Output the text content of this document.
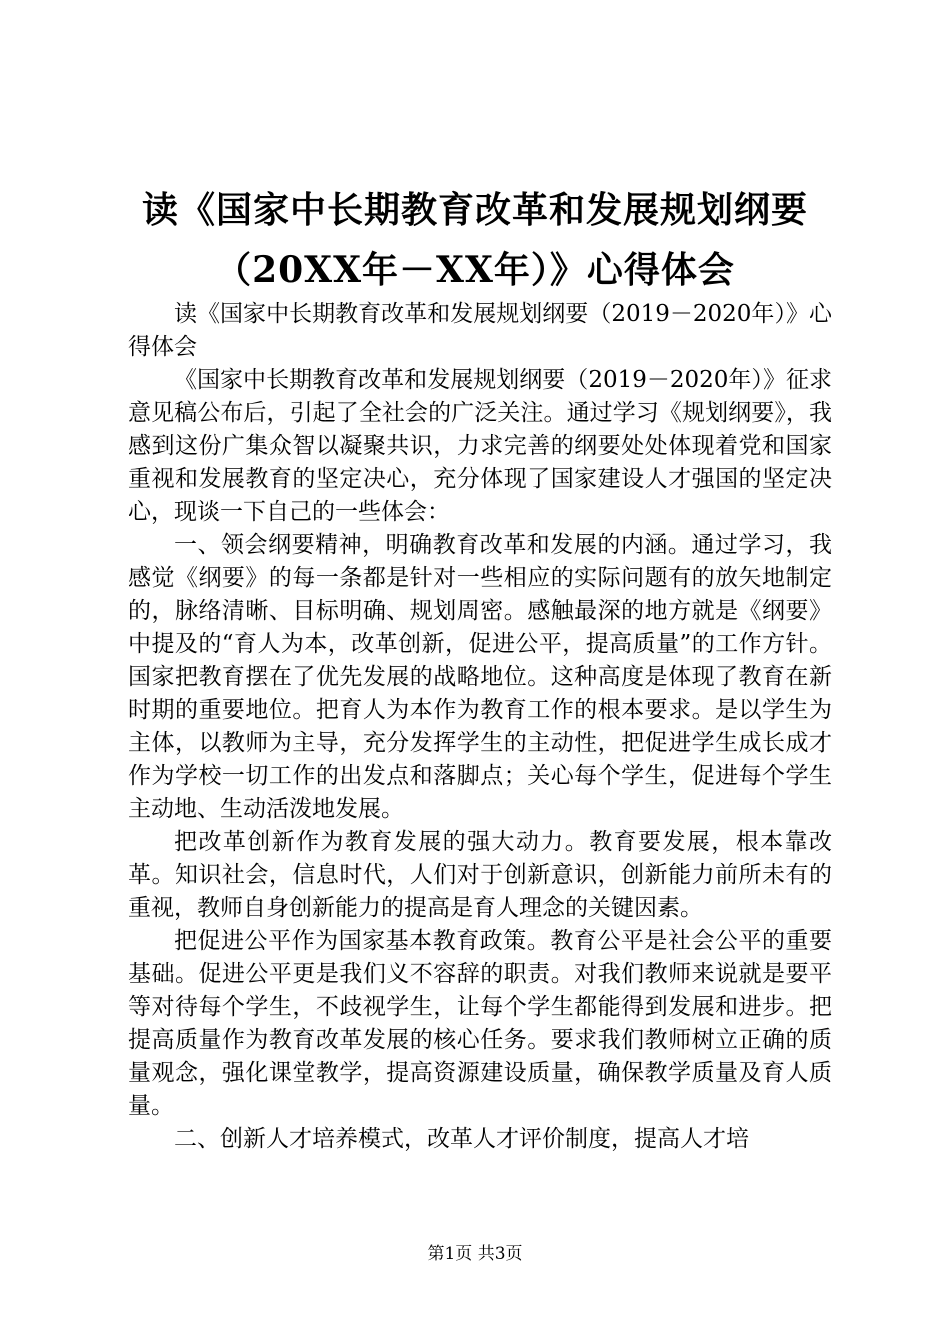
读《国家中长期教育改革和发展规划纲要
（20XX年－XX年）》心得体会

读《国家中长期教育改革和发展规划纲要（2019－2020年）》心得体会

《国家中长期教育改革和发展规划纲要（2019－2020年）》征求意见稿公布后，引起了全社会的广泛关注。通过学习《规划纲要》，我感到这份广集众智以凝聚共识，力求完善的纲要处处体现着党和国家重视和发展教育的坚定决心，充分体现了国家建设人才强国的坚定决心，现谈一下自己的一些体会：

一、领会纲要精神，明确教育改革和发展的内涵。通过学习，我感觉《纲要》的每一条都是针对一些相应的实际问题有的放矢地制定的，脉络清晰、目标明确、规划周密。感触最深的地方就是《纲要》中提及的“育人为本，改革创新，促进公平，提高质量”的工作方针。国家把教育摆在了优先发展的战略地位。这种高度是体现了教育在新时期的重要地位。把育人为本作为教育工作的根本要求。是以学生为主体，以教师为主导，充分发挥学生的主动性，把促进学生成长成才作为学校一切工作的出发点和落脚点；关心每个学生，促进每个学生主动地、生动活泼地发展。

把改革创新作为教育发展的强大动力。教育要发展，根本靠改革。知识社会，信息时代，人们对于创新意识，创新能力前所未有的重视，教师自身创新能力的提高是育人理念的关键因素。

把促进公平作为国家基本教育政策。教育公平是社会公平的重要基础。促进公平更是我们义不容辞的职责。对我们教师来说就是要平等对待每个学生，不歧视学生，让每个学生都能得到发展和进步。把提高质量作为教育改革发展的核心任务。要求我们教师树立正确的质量观念，强化课堂教学，提高资源建设质量，确保教学质量及育人质量。

二、创新人才培养模式，改革人才评价制度，提高人才培

第1页 共3页
